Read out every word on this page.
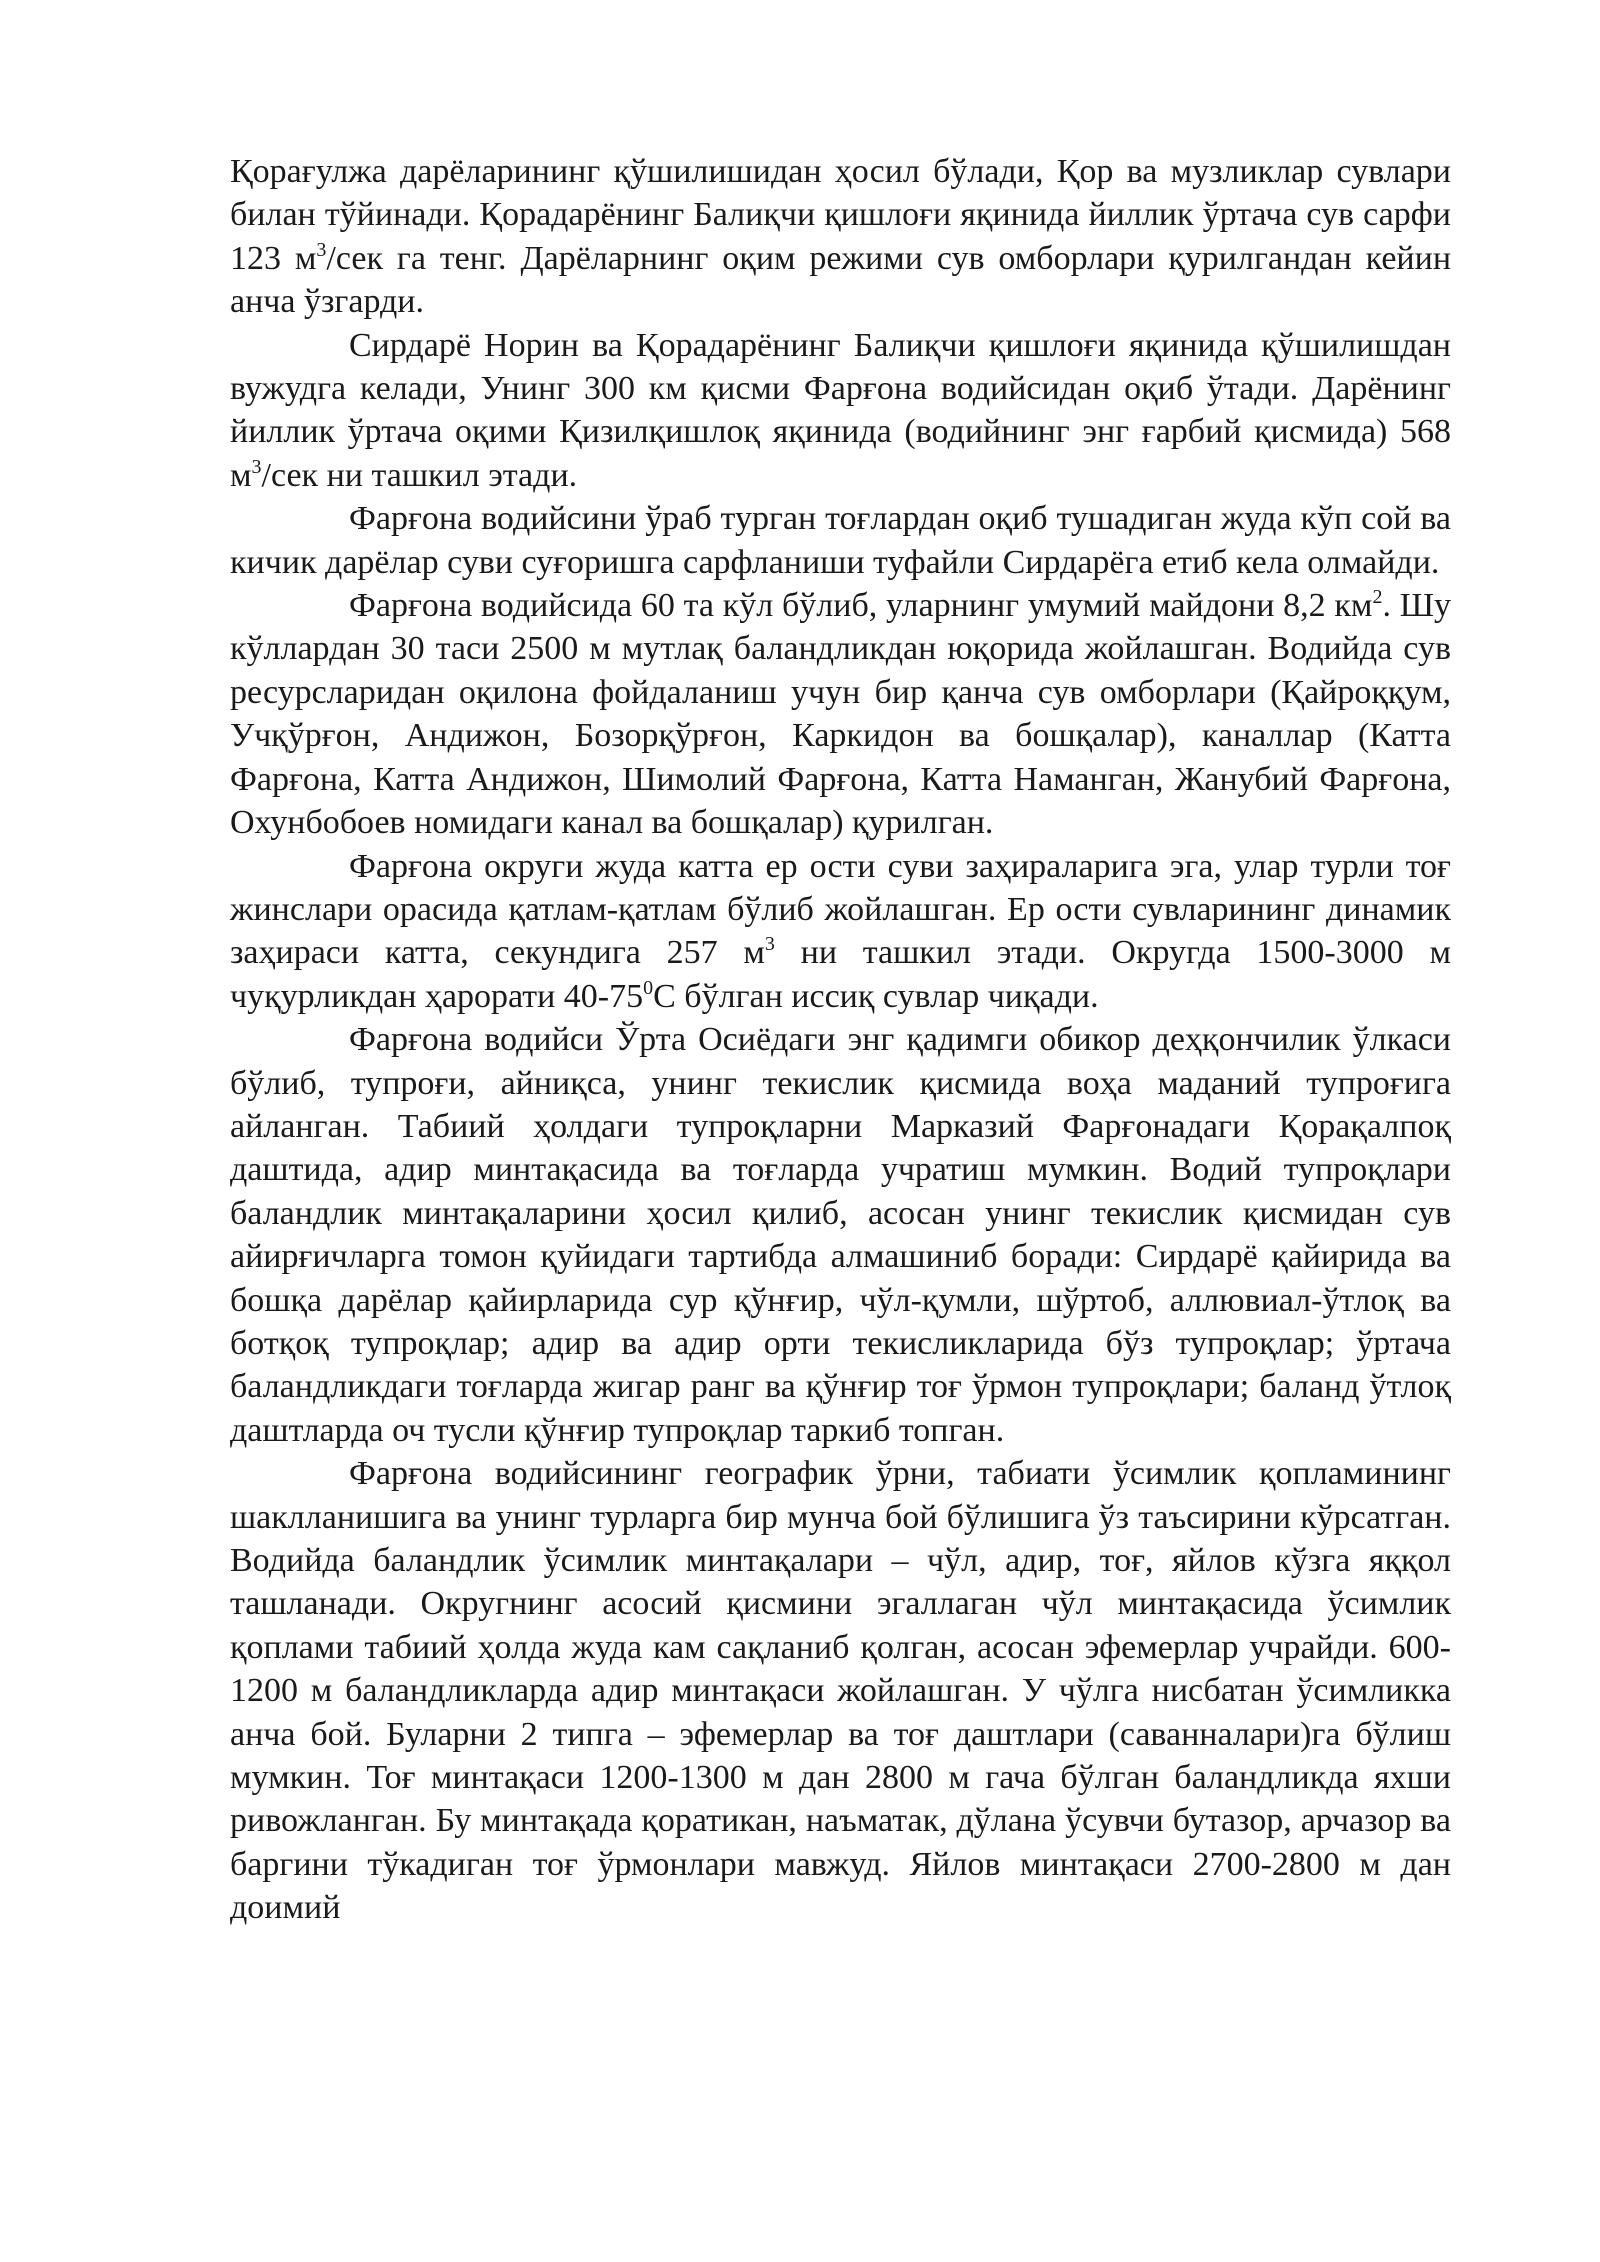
Қорағулжа дарёларининг қўшилишидан ҳосил бўлади, Қор ва музликлар сувлари билан тўйинади. Қорадарёнинг Балиқчи қишлоғи яқинида йиллик ўртача сув сарфи 123 $м^3$/сек га тенг. Дарёларнинг оқим режими сув омборлари қурилгандан кейин анча ўзгарди.

Сирдарё Норин ва Қорадарёнинг Балиқчи қишлоғи яқинида қўшилишдан вужудга келади, Унинг 300 км қисми Фарғона водийсидан оқиб ўтади. Дарёнинг йиллик ўртача оқими Қизилқишлоқ яқинида (водийнинг энг ғарбий қисмида) 568 $м^3$/сек ни ташкил этади.

Фарғона водийсини ўраб турган тоғлардан оқиб тушадиган жуда кўп сой ва кичик дарёлар суви суғоришга сарфланиши туфайли Сирдарёга етиб кела олмайди.

Фарғона водийсида 60 та кўл бўлиб, уларнинг умумий майдони 8,2 $км^2$. Шу кўллардан 30 таси 2500 м мутлақ баландликдан юқорида жойлашган. Водийда сув ресурсларидан оқилона фойдаланиш учун бир қанча сув омборлари (Қайроққум, Учқўрғон, Андижон, Бозорқўрғон, Каркидон ва бошқалар), каналлар (Катта Фарғона, Катта Андижон, Шимолий Фарғона, Катта Наманган, Жанубий Фарғона, Охунбобоев номидаги канал ва бошқалар) қурилган.

Фарғона округи жуда катта ер ости суви заҳираларига эга, улар турли тоғ жинслари орасида қатлам-қатлам бўлиб жойлашган. Ер ости сувларининг динамик заҳираси катта, секундига 257 $м^3$ ни ташкил этади. Округда 1500-3000 м чуқурликдан ҳарорати $40-75^0С$ бўлган иссиқ сувлар чиқади.

Фарғона водийси Ўрта Осиёдаги энг қадимги обикор деҳқончилик ўлкаси бўлиб, тупроғи, айниқса, унинг текислик қисмида воҳа маданий тупроғига айланган. Табиий ҳолдаги тупроқларни Марказий Фарғонадаги Қорақалпоқ даштида, адир минтақасида ва тоғларда учратиш мумкин. Водий тупроқлари баландлик минтақаларини ҳосил қилиб, асосан унинг текислик қисмидан сув айирғичларга томон қуйидаги тартибда алмашиниб боради: Сирдарё қайирида ва бошқа дарёлар қайирларида сур қўнғир, чўл-қумли, шўртоб, аллювиал-ўтлоқ ва ботқоқ тупроқлар; адир ва адир орти текисликларида бўз тупроқлар; ўртача баландликдаги тоғларда жигар ранг ва қўнғир тоғ ўрмон тупроқлари; баланд ўтлоқ даштларда оч тусли қўнғир тупроқлар таркиб топган.

Фарғона водийсининг географик ўрни, табиати ўсимлик қопламининг шаклланишига ва унинг турларга бир мунча бой бўлишига ўз таъсирини кўрсатган. Водийда баландлик ўсимлик минтақалари – чўл, адир, тоғ, яйлов кўзга яққол ташланади. Округнинг асосий қисмини эгаллаган чўл минтақасида ўсимлик қоплами табиий ҳолда жуда кам сақланиб қолган, асосан эфемерлар учрайди. 600-1200 м баландликларда адир минтақаси жойлашган. У чўлга нисбатан ўсимликка анча бой. Буларни 2 типга – эфемерлар ва тоғ даштлари (саванналари)га бўлиш мумкин. Тоғ минтақаси 1200-1300 м дан 2800 м гача бўлган баландликда яхши ривожланган. Бу минтақада қоратикан, наъматак, дўлана ўсувчи бутазор, арчазор ва баргини тўкадиган тоғ ўрмонлари мавжуд. Яйлов минтақаси 2700-2800 м дан доимий
